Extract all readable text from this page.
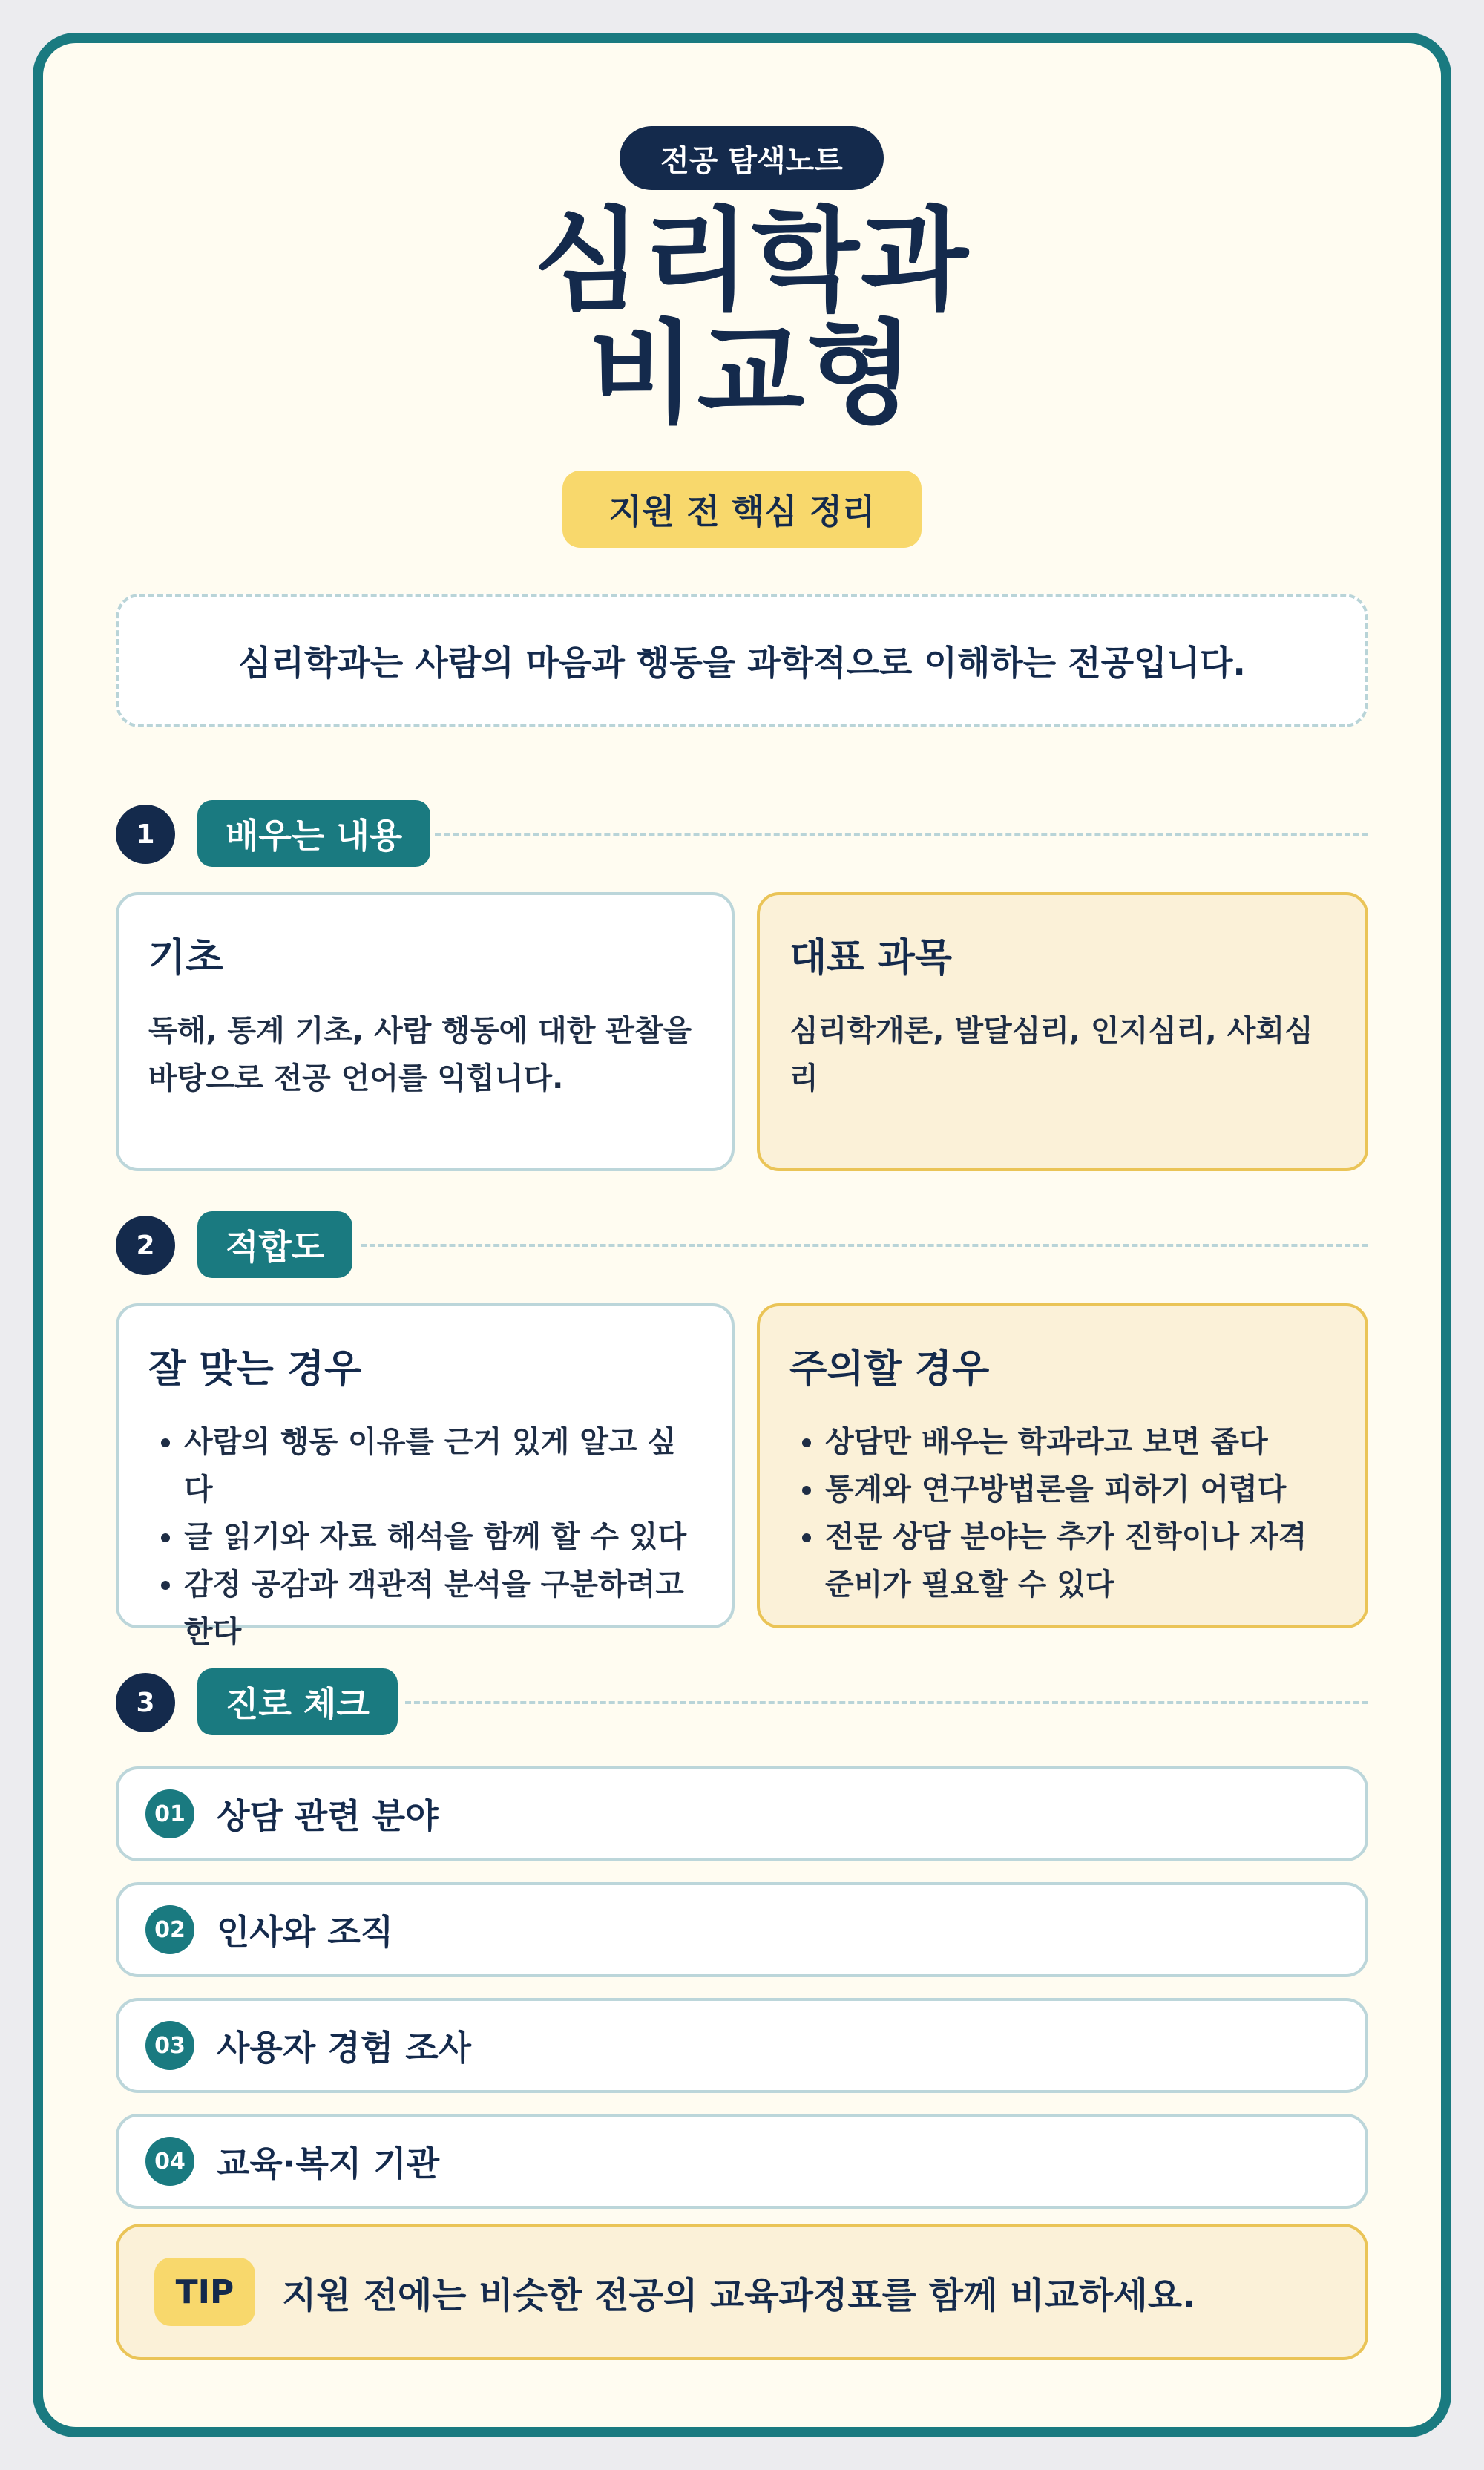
전공 탐색노트
심리학과
비교형
지원 전 핵심 정리
심리학과는 사람의 마음과 행동을 과학적으로 이해하는 전공입니다.
1	배우는 내용
기초

독해, 통계 기초, 사람 행동에 대한 관찰을 바탕으로 전공 언어를 익힙니다.

대표 과목

심리학개론, 발달심리, 인지심리, 사회심리

2	적합도
잘 맞는 경우
• 사람의 행동 이유를 근거 있게 알고 싶다
• 글 읽기와 자료 해석을 함께 할 수 있다
• 감정 공감과 객관적 분석을 구분하려고 한다
주의할 경우
• 상담만 배우는 학과라고 보면 좁다
• 통계와 연구방법론을 피하기 어렵다
• 전문 상담 분야는 추가 진학이나 자격 준비가 필요할 수 있다
3	진로 체크
01 상담 관련 분야
02 인사와 조직
03 사용자 경험 조사
04 교육·복지 기관
TIP	지원 전에는 비슷한 전공의 교육과정표를 함께 비교하세요.
